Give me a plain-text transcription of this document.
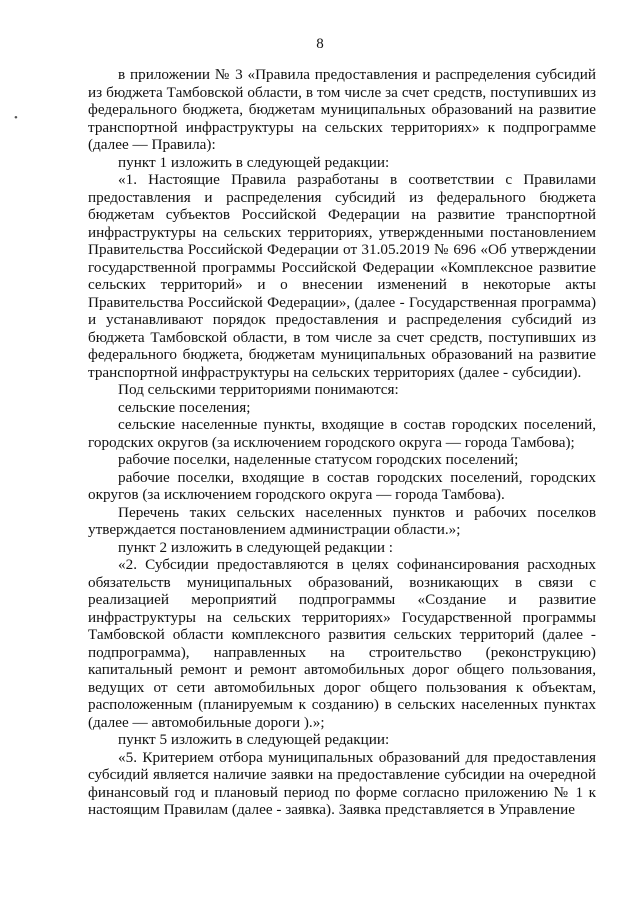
8
•

в приложении № 3 «Правила предоставления и распределения субсидий из бюджета Тамбовской области, в том числе за счет средств, поступивших из федерального бюджета, бюджетам муниципальных образований на развитие транспортной инфраструктуры на сельских территориях» к подпрограмме (далее — Правила):

пункт 1 изложить в следующей редакции:

«1. Настоящие Правила разработаны в соответствии с Правилами предоставления и распределения субсидий из федерального бюджета бюджетам субъектов Российской Федерации на развитие транспортной инфраструктуры на сельских территориях, утвержденными постановлением Правительства Российской Федерации от 31.05.2019 № 696 «Об утверждении государственной программы Российской Федерации «Комплексное развитие сельских территорий» и о внесении изменений в некоторые акты Правительства Российской Федерации», (далее - Государственная программа) и устанавливают порядок предоставления и распределения субсидий из бюджета Тамбовской области, в том числе за счет средств, поступивших из федерального бюджета, бюджетам муниципальных образований на развитие транспортной инфраструктуры на сельских территориях (далее - субсидии).

Под сельскими территориями понимаются:

сельские поселения;

сельские населенные пункты, входящие в состав городских поселений, городских округов (за исключением городского округа — города Тамбова);

рабочие поселки, наделенные статусом городских поселений;

рабочие поселки, входящие в состав городских поселений, городских округов (за исключением городского округа — города Тамбова).

Перечень таких сельских населенных пунктов и рабочих поселков утверждается постановлением администрации области.»;

пункт 2 изложить в следующей редакции :

«2. Субсидии предоставляются в целях софинансирования расходных обязательств муниципальных образований, возникающих в связи с реализацией мероприятий подпрограммы «Создание и развитие инфраструктуры на сельских территориях» Государственной программы Тамбовской области комплексного развития сельских территорий (далее - подпрограмма), направленных на строительство (реконструкцию) капитальный ремонт и ремонт автомобильных дорог общего пользования, ведущих от сети автомобильных дорог общего пользования к объектам, расположенным (планируемым к созданию) в сельских населенных пунктах (далее — автомобильные дороги ).»;

пункт 5 изложить в следующей редакции:

«5. Критерием отбора муниципальных образований для предоставления субсидий является наличие заявки на предоставление субсидии на очередной финансовый год и плановый период по форме согласно приложению № 1 к настоящим Правилам (далее - заявка). Заявка представляется в Управление
